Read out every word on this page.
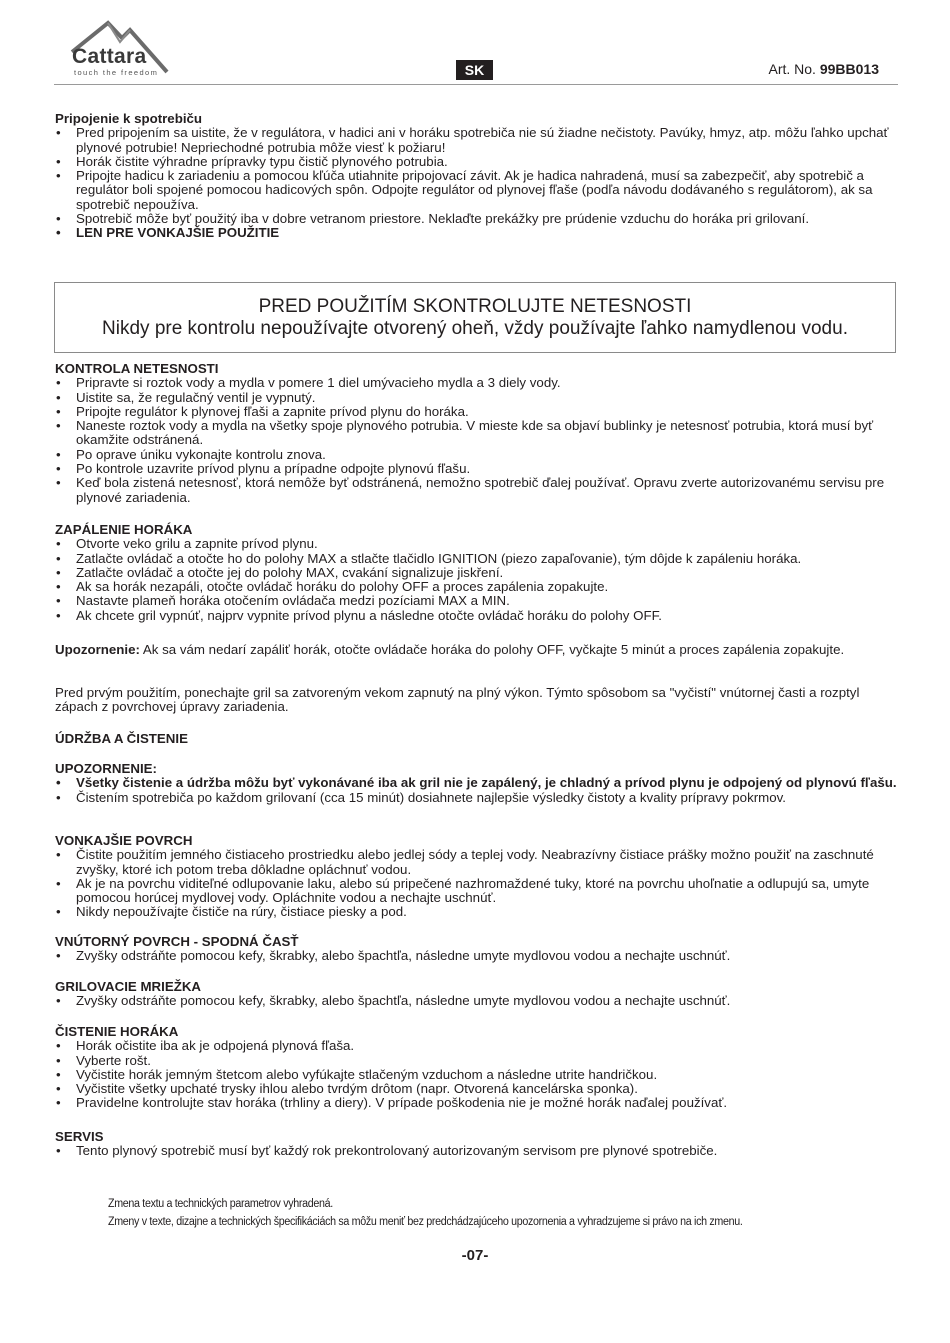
Cattara
touch the freedom	SK	Art. No. 99BB013
Pripojenie k spotrebiču
• Pred pripojením sa uistite, že v regulátora, v hadici ani v horáku spotrebiča nie sú žiadne nečistoty. Pavúky, hmyz, atp. môžu ľahko upchať plynové potrubie! Nepriechodné potrubia môže viesť k požiaru!
• Horák čistite výhradne prípravky typu čistič plynového potrubia.
• Pripojte hadicu k zariadeniu a pomocou kľúča utiahnite pripojovací závit. Ak je hadica nahradená, musí sa zabezpečiť, aby spotrebič a regulátor boli spojené pomocou hadicových spôn. Odpojte regulátor od plynovej fľaše (podľa návodu dodávaného s regulátorom), ak sa spotrebič nepoužíva.
• Spotrebič môže byť použitý iba v dobre vetranom priestore. Neklaďte prekážky pre prúdenie vzduchu do horáka pri grilovaní.
• LEN PRE VONKAJŠIE POUŽITIE
PRED POUŽITÍM SKONTROLUJTE NETESNOSTI
Nikdy pre kontrolu nepoužívajte otvorený oheň, vždy používajte ľahko namydlenou vodu.
KONTROLA NETESNOSTI
• Pripravte si roztok vody a mydla v pomere 1 diel umývacieho mydla a 3 diely vody.
• Uistite sa, že regulačný ventil je vypnutý.
• Pripojte regulátor k plynovej fľaši a zapnite prívod plynu do horáka.
• Naneste roztok vody a mydla na všetky spoje plynového potrubia. V mieste kde sa objaví bublinky je netesnosť potrubia, ktorá musí byť okamžite odstránená.
• Po oprave úniku vykonajte kontrolu znova.
• Po kontrole uzavrite prívod plynu a prípadne odpojte plynovú fľašu.
• Keď bola zistená netesnosť, ktorá nemôže byť odstránená, nemožno spotrebič ďalej používať. Opravu zverte autorizovanému servisu pre plynové zariadenia.
ZAPÁLENIE HORÁKA
• Otvorte veko grilu a zapnite prívod plynu.
• Zatlačte ovládač a otočte ho do polohy MAX a stlačte tlačidlo IGNITION (piezo zapaľovanie), tým dôjde k zapáleniu horáka.
• Zatlačte ovládač a otočte jej do polohy MAX, cvakání signalizuje jiskření.
• Ak sa horák nezapáli, otočte ovládač horáku do polohy OFF a proces zapálenia zopakujte.
• Nastavte plameň horáka otočením ovládača medzi pozíciami MAX a MIN.
• Ak chcete gril vypnúť, najprv vypnite prívod plynu a následne otočte ovládač horáku do polohy OFF.

Upozornenie: Ak sa vám nedarí zapáliť horák, otočte ovládače horáka do polohy OFF, vyčkajte 5 minút a proces zapálenia zopakujte.

Pred prvým použitím, ponechajte gril sa zatvoreným vekom zapnutý na plný výkon. Týmto spôsobom sa "vyčistí" vnútornej časti a rozptyl zápach z povrchovej úpravy zariadenia.

ÚDRŽBA A ČISTENIE
UPOZORNENIE:
• Všetky čistenie a údržba môžu byť vykonávané iba ak gril nie je zapálený, je chladný a prívod plynu je odpojený od plynovú fľašu.
• Čistením spotrebiča po každom grilovaní (cca 15 minút) dosiahnete najlepšie výsledky čistoty a kvality prípravy pokrmov.
VONKAJŠIE POVRCH
• Čistite použitím jemného čistiaceho prostriedku alebo jedlej sódy a teplej vody. Neabrazívny čistiace prášky možno použiť na zaschnuté zvyšky, ktoré ich potom treba dôkladne opláchnuť vodou.
• Ak je na povrchu viditeľné odlupovanie laku, alebo sú pripečené nazhromaždené tuky, ktoré na povrchu uhoľnatie a odlupujú sa, umyte pomocou horúcej mydlovej vody. Opláchnite vodou a nechajte uschnúť.
• Nikdy nepoužívajte čističe na rúry, čistiace piesky a pod.
VNÚTORNÝ POVRCH - SPODNÁ ČASŤ
• Zvyšky odstráňte pomocou kefy, škrabky, alebo špachtľa, následne umyte mydlovou vodou a nechajte uschnúť.
GRILOVACIE MRIEŽKA
• Zvyšky odstráňte pomocou kefy, škrabky, alebo špachtľa, následne umyte mydlovou vodou a nechajte uschnúť.
ČISTENIE HORÁKA
• Horák očistite iba ak je odpojená plynová fľaša.
• Vyberte rošt.
• Vyčistite horák jemným štetcom alebo vyfúkajte stlačeným vzduchom a následne utrite handričkou.
• Vyčistite všetky upchaté trysky ihlou alebo tvrdým drôtom (napr. Otvorená kancelárska sponka).
• Pravidelne kontrolujte stav horáka (trhliny a diery). V prípade poškodenia nie je možné horák naďalej používať.
SERVIS
• Tento plynový spotrebič musí byť každý rok prekontrolovaný autorizovaným servisom pre plynové spotrebiče.
Zmena textu a technických parametrov vyhradená.
Zmeny v texte, dizajne a technických špecifikáciách sa môžu meniť bez predchádzajúceho upozornenia a vyhradzujeme si právo na ich zmenu.
-07-
